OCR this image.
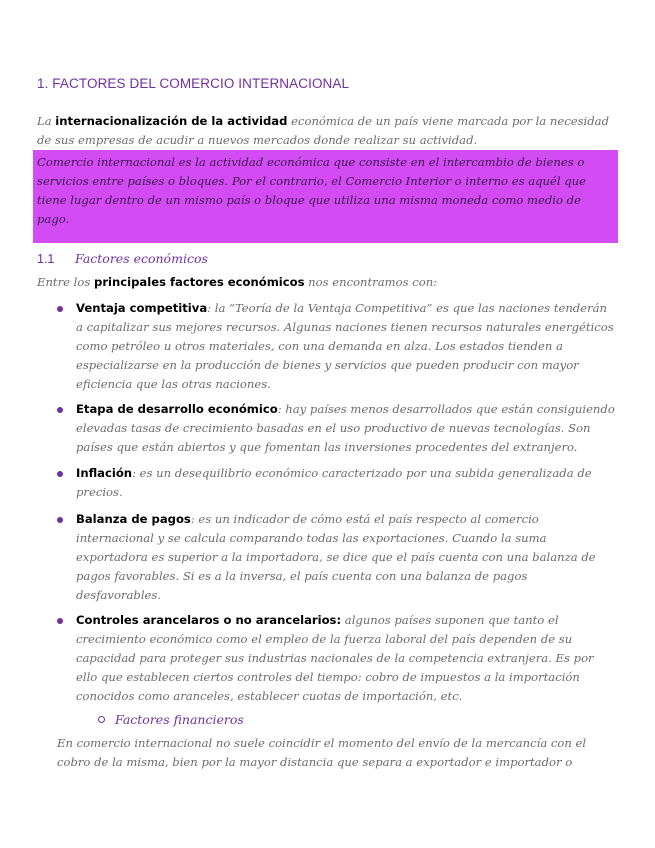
1. FACTORES DEL COMERCIO INTERNACIONAL
La internacionalización de la actividad económica de un país viene marcada por la necesidad de sus empresas de acudir a nuevos mercados donde realizar su actividad.
Comercio internacional es la actividad económica que consiste en el intercambio de bienes o servicios entre países o bloques. Por el contrario, el Comercio Interior o interno es aquél que tiene lugar dentro de un mismo país o bloque que utiliza una misma moneda como medio de pago.
1.1 Factores económicos
Entre los principales factores económicos nos encontramos con:
Ventaja competitiva: la “Teoría de la Ventaja Competitiva” es que las naciones tenderán a capitalizar sus mejores recursos. Algunas naciones tienen recursos naturales energéticos como petróleo u otros materiales, con una demanda en alza. Los estados tienden a especializarse en la producción de bienes y servicios que pueden producir con mayor eficiencia que las otras naciones.
Etapa de desarrollo económico: hay países menos desarrollados que están consiguiendo elevadas tasas de crecimiento basadas en el uso productivo de nuevas tecnologías. Son países que están abiertos y que fomentan las inversiones procedentes del extranjero.
Inflación: es un desequilibrio económico caracterizado por una subida generalizada de precios.
Balanza de pagos: es un indicador de cómo está el país respecto al comercio internacional y se calcula comparando todas las exportaciones. Cuando la suma exportadora es superior a la importadora, se dice que el país cuenta con una balanza de pagos favorables. Si es a la inversa, el país cuenta con una balanza de pagos desfavorables.
Controles arancelaros o no arancelarios: algunos países suponen que tanto el crecimiento económico como el empleo de la fuerza laboral del país dependen de su capacidad para proteger sus industrias nacionales de la competencia extranjera. Es por ello que establecen ciertos controles del tiempo: cobro de impuestos a la importación conocidos como aranceles, establecer cuotas de importación, etc.
Factores financieros
En comercio internacional no suele coincidir el momento del envío de la mercancía con el cobro de la misma, bien por la mayor distancia que separa a exportador e importador o
